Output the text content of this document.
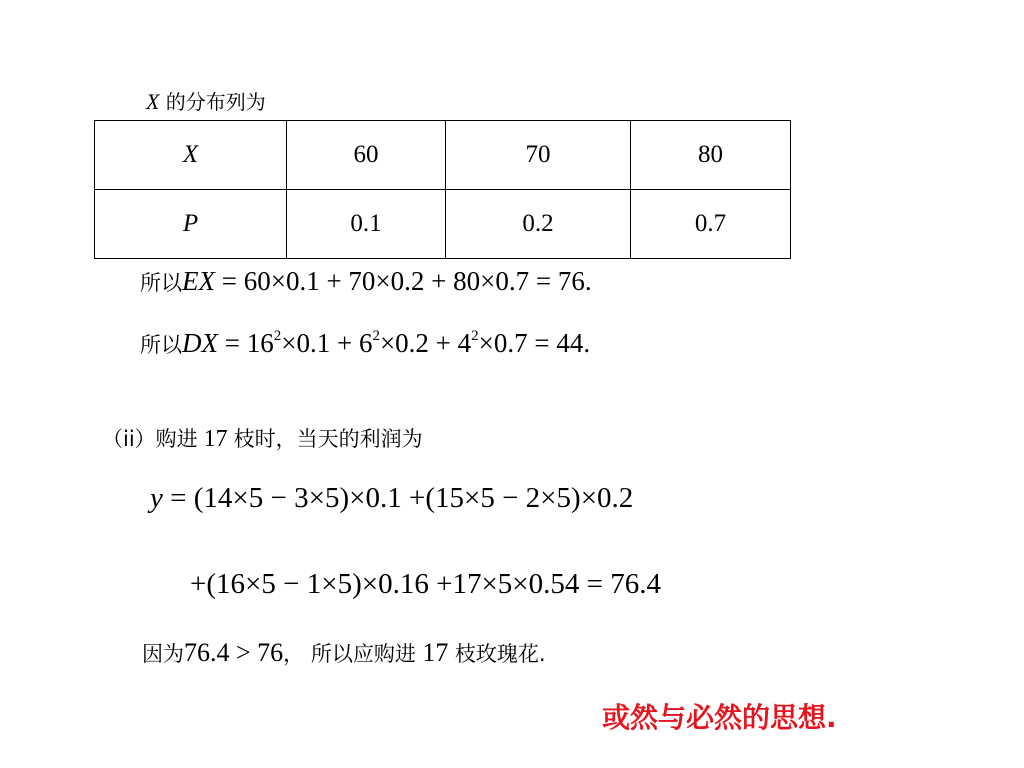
X 的分布列为
X	60	70	80
P	0.1	0.2	0.7
所以EX = 60×0.1 + 70×0.2 + 80×0.7 = 76.
所以DX = $16^2\times 0.1 + 6^2\times 0.2 + 4^2\times 0.7 = 44$.
（ii）购进 17 枝时，当天的利润为
y = (14×5 − 3×5)×0.1 +(15×5 − 2×5)×0.2
+(16×5 − 1×5)×0.16 +17×5×0.54 = 76.4
因为76.4 > 76， 所以应购进 17 枝玫瑰花.
或然与必然的思想.
